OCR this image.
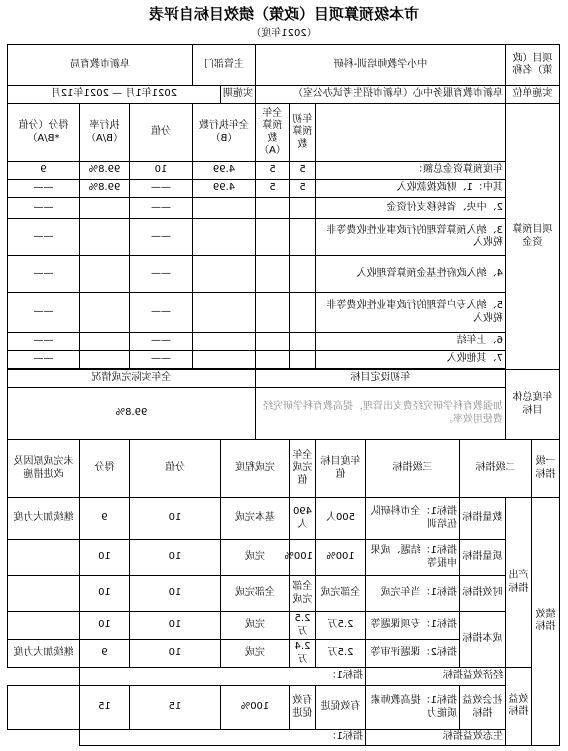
市本级预算项目（政策）绩效目标自评表
（2021年度）
项目（政策）名称		中小学教师培训-科研					主管部门		阜新市教育局		
实施单位		阜新市教育服务中心（阜新市招生考试办公室）					实施期	2021年1月 — 2021年12月			
项目预算资金					年初预算数	全年预算数（A）	全年执行数（B）		分值	执行率（B/A）	得分（分值*B/A）
		年度预算资金总额：			5	5	4.99		10	99.8%	9
		其中：1、财政拨款收入			5	5	4.99		——	99.8%	——
		2、中央、省转移支付资金							——		——
		3、纳入预算管理的行政事业性收费等非税收入							——		——
		4、纳入政府性基金预算管理收入							——		——
		5、纳入专户管理的行政事业性收费等非税收入							——		——
		6、上年结							——		——
		7、其他收入							——		——

年度总体目标		年初设定目标					全年实际完成情况				
		加强教育科学研究经费支出管理，提高教育科学研究经费使用效率。					99.8%				
一级指标	二级指标		三级指标	年度目标值	全年完成值	完成程度		分值		得分	未完成原因及改进措施
绩效指标	产出指标	数量指标	指标1：全市科研队伍培训	500人	490人	基本完成		10		9	继续加大力度
		质量指标	指标1：结题、成果申报等	100%	100%	完成		10		10	
		时效指标	指标1：当年完成	全部完成	全部完成	全部完成		10		10	
		成本指标	指标1：专项课题等	2.5万	2.5万	完成		10		10	
			指标2：课题评审等	2.5万	2.4万	完成		10		9	继续加大力度
	效益指标	经济效益指标		指标1：							
		社会效益指标	指标1：提高教师素质能力	有效促进	有效促进	100%		15		15	
		生态效益指标		指标1：							
